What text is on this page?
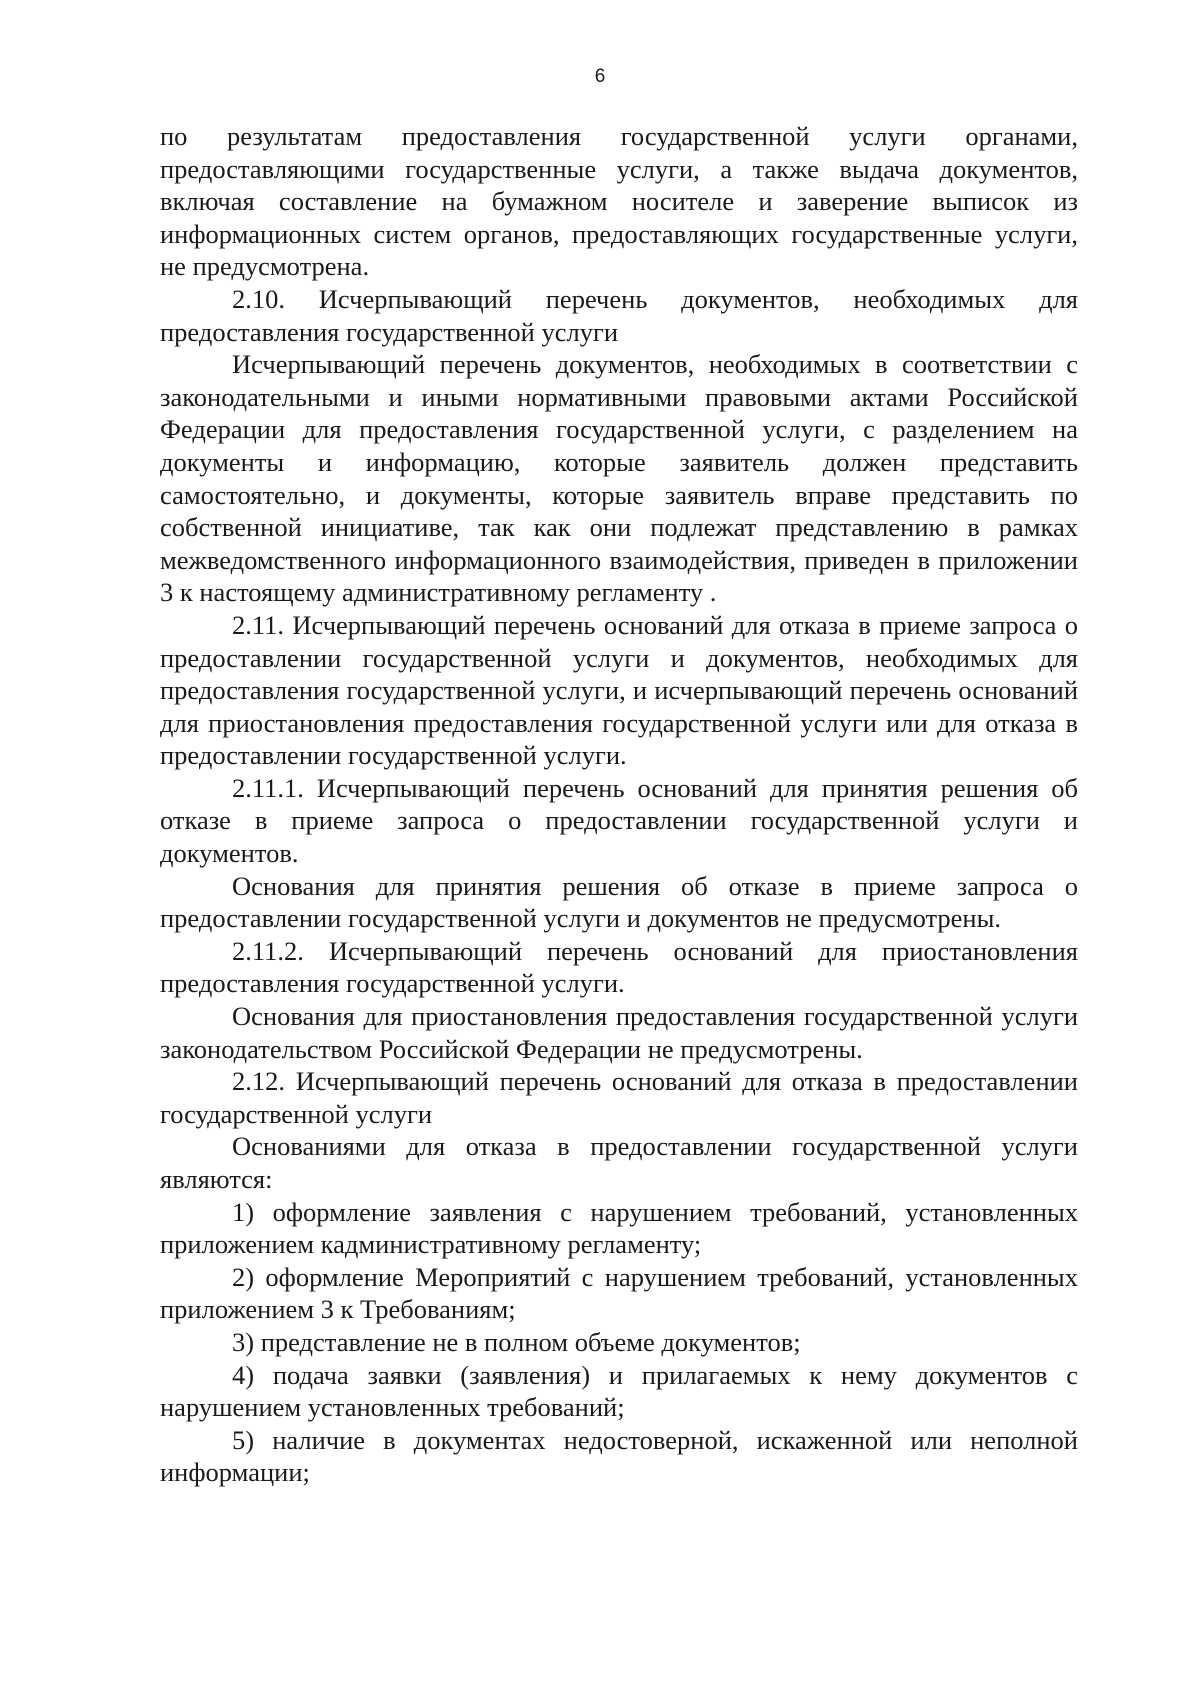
6

по результатам предоставления государственной услуги органами, предоставляющими государственные услуги, а также выдача документов, включая составление на бумажном носителе и заверение выписок из информационных систем органов, предоставляющих государственные услуги, не предусмотрена.

2.10. Исчерпывающий перечень документов, необходимых для предоставления государственной услуги

Исчерпывающий перечень документов, необходимых в соответствии с законодательными и иными нормативными правовыми актами Российской Федерации для предоставления государственной услуги, с разделением на документы и информацию, которые заявитель должен представить самостоятельно, и документы, которые заявитель вправе представить по собственной инициативе, так как они подлежат представлению в рамках межведомственного информационного взаимодействия, приведен в приложении 3 к настоящему административному регламенту .

2.11. Исчерпывающий перечень оснований для отказа в приеме запроса о предоставлении государственной услуги и документов, необходимых для предоставления государственной услуги, и исчерпывающий перечень оснований для приостановления предоставления государственной услуги или для отказа в предоставлении государственной услуги.

2.11.1. Исчерпывающий перечень оснований для принятия решения об отказе в приеме запроса о предоставлении государственной услуги и документов.

Основания для принятия решения об отказе в приеме запроса о предоставлении государственной услуги и документов не предусмотрены.

2.11.2. Исчерпывающий перечень оснований для приостановления предоставления государственной услуги.

Основания для приостановления предоставления государственной услуги законодательством Российской Федерации не предусмотрены.

2.12. Исчерпывающий перечень оснований для отказа в предоставлении государственной услуги

Основаниями для отказа в предоставлении государственной услуги являются:

1) оформление заявления с нарушением требований, установленных приложением кадминистративному регламенту;

2) оформление Мероприятий с нарушением требований, установленных приложением 3 к Требованиям;

3) представление не в полном объеме документов;

4) подача заявки (заявления) и прилагаемых к нему документов с нарушением установленных требований;

5) наличие в документах недостоверной, искаженной или неполной информации;
